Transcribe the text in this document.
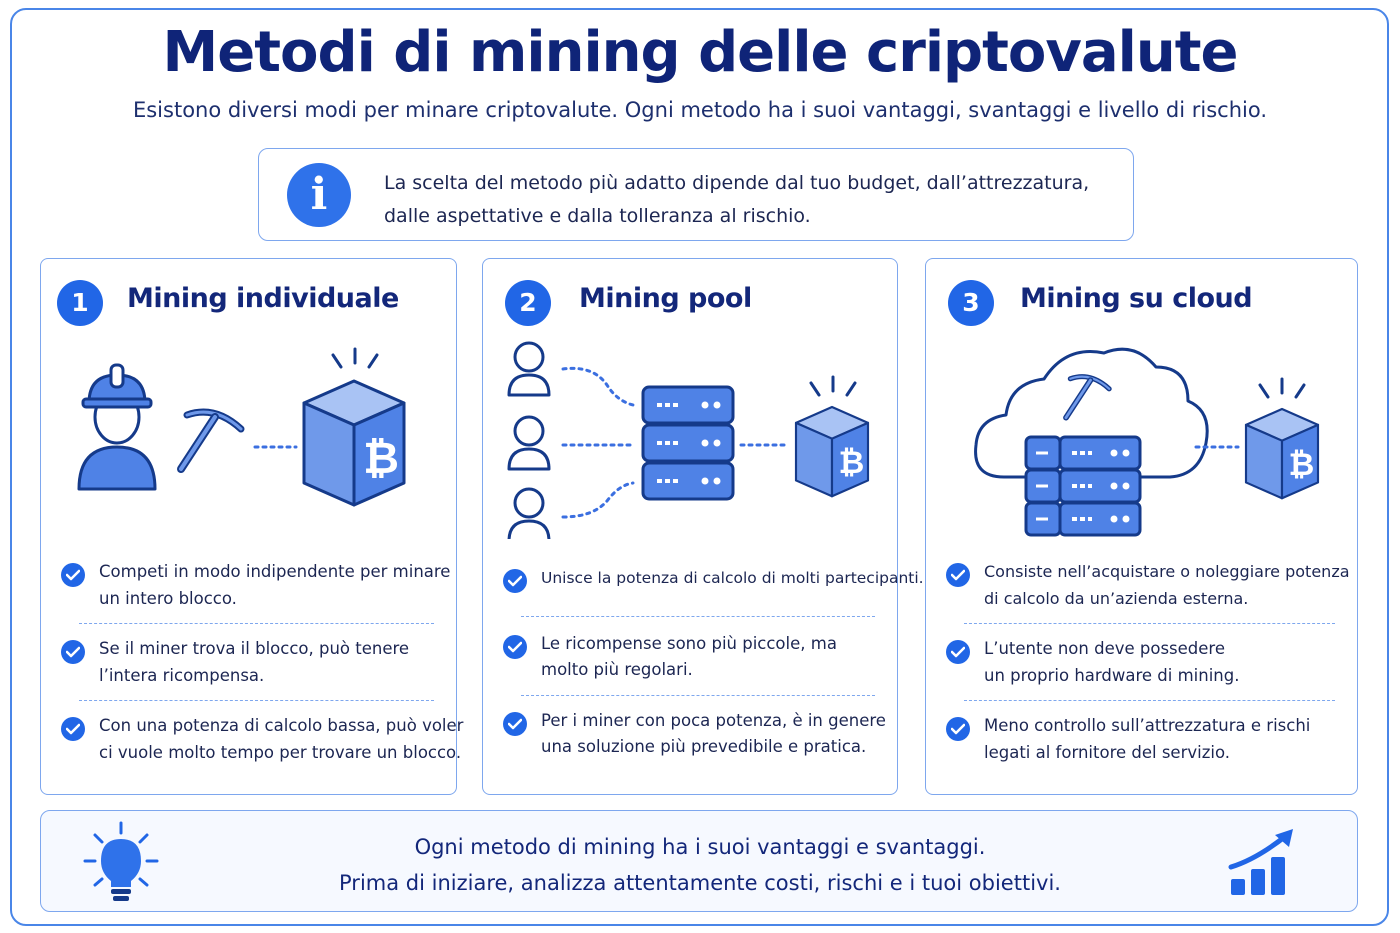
Metodi di mining delle criptovalute
Esistono diversi modi per minare criptovalute. Ogni metodo ha i suoi vantaggi, svantaggi e livello di rischio.
i	La scelta del metodo più adatto dipende dal tuo budget, dall’attrezzatura,
dalle aspettative e dalla tolleranza al rischio.
1	Mining individuale
Competi in modo indipendente per minare
un intero blocco.
Se il miner trova il blocco, può tenere
l’intera ricompensa.
Con una potenza di calcolo bassa, può voler
ci vuole molto tempo per trovare un blocco.
2	Mining pool
Unisce la potenza di calcolo di molti partecipanti.
Le ricompense sono più piccole, ma
molto più regolari.
Per i miner con poca potenza, è in genere
una soluzione più prevedibile e pratica.
3	Mining su cloud
Consiste nell’acquistare o noleggiare potenza
di calcolo da un’azienda esterna.
L’utente non deve possedere
un proprio hardware di mining.
Meno controllo sull’attrezzatura e rischi
legati al fornitore del servizio.
Ogni metodo di mining ha i suoi vantaggi e svantaggi.
Prima di iniziare, analizza attentamente costi, rischi e i tuoi obiettivi.
